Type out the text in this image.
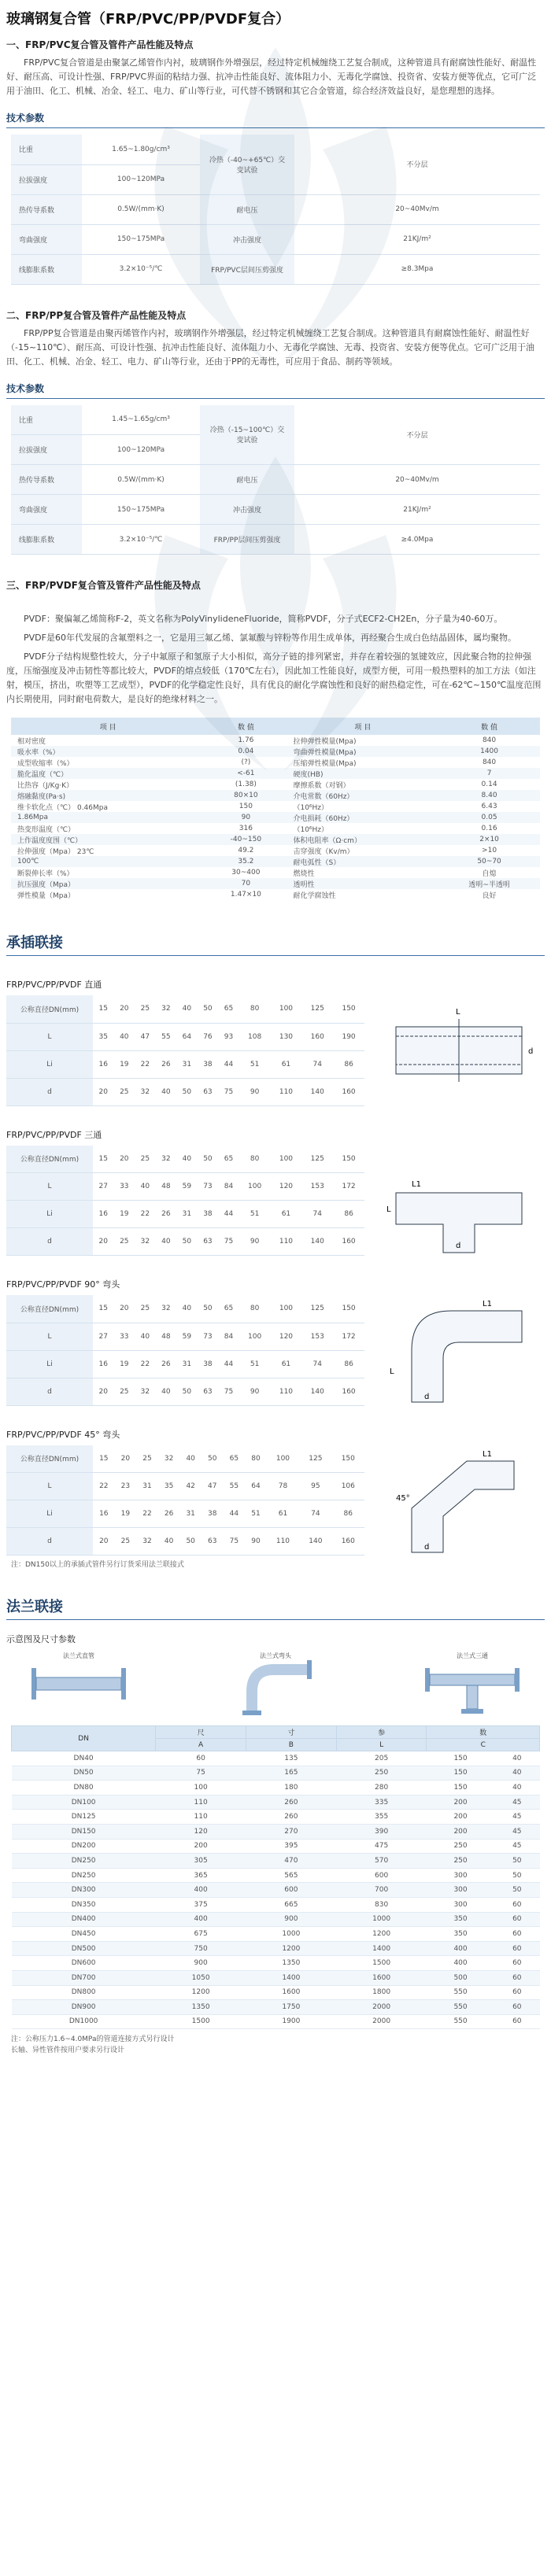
玻璃钢复合管（FRP/PVC/PP/PVDF复合）
一、FRP/PVC复合管及管件产品性能及特点
FRP/PVC复合管道是由聚氯乙烯管作内衬，玻璃钢作外增强层，经过特定机械缠绕工艺复合制成，这种管道具有耐腐蚀性能好、耐温性好、耐压高、可设计性强、FRP/PVC界面的粘结力强、抗冲击性能良好、流体阻力小、无毒化学腐蚀、投资省、安装方便等优点，它可广泛用于油田、化工、机械、冶金、轻工、电力、矿山等行业，可代替不锈钢和其它合金管道，综合经济效益良好，是您理想的选择。
技术参数
比重	1.65~1.80g/cm³	冷热（-40~+65℃）交变试验	不分层
拉拔强度	100~120MPa		
热传导系数	0.5W/(mm·K)	耐电压	20~40Mv/m
弯曲强度	150~175MPa	冲击强度	21KJ/m²
线膨胀系数	3.2×10⁻⁵/℃	FRP/PVC层间压剪强度	≥8.3Mpa
二、FRP/PP复合管及管件产品性能及特点
FRP/PP复合管道是由聚丙烯管作内衬，玻璃钢作外增强层，经过特定机械缠绕工艺复合制成。这种管道具有耐腐蚀性能好、耐温性好（-15~110℃）、耐压高、可设计性强、抗冲击性能良好、流体阻力小、无毒化学腐蚀、无毒、投资省、安装方便等优点。它可广泛用于油田、化工、机械、冶金、轻工、电力、矿山等行业，还由于PP的无毒性，可应用于食品、制药等领域。
技术参数
比重	1.45~1.65g/cm³	冷热（-15~100℃）交变试验	不分层
拉拔强度	100~120MPa		
热传导系数	0.5W/(mm·K)	耐电压	20~40Mv/m
弯曲强度	150~175MPa	冲击强度	21KJ/m²
线膨胀系数	3.2×10⁻⁵/℃	FRP/PP层间压剪强度	≥4.0Mpa
三、FRP/PVDF复合管及管件产品性能及特点
PVDF：聚偏氟乙烯简称F-2，英文名称为PolyVinylideneFluoride，简称PVDF，分子式ECF2-CH2En，分子量为40-60万。
PVDF是60年代发展的含氟塑料之一，它是用三氟乙烯、氯氟酸与锌粉等作用生成单体，再经聚合生成白色结晶固体，属均聚物。
PVDF分子结构规整性较大，分子中氟原子和氢原子大小相似，高分子链的排列紧密，并存在着较强的氢键效应，因此聚合物的拉伸强度，压缩强度及冲击韧性等都比较大，PVDF的熔点较低（170℃左右），因此加工性能良好，成型方便，可用一般热塑料的加工方法（如注射，模压，挤出，吹塑等工艺成型），PVDF的化学稳定性良好，具有优良的耐化学腐蚀性和良好的耐热稳定性，可在-62℃~150℃温度范围内长期使用，同时耐电荷数大，是良好的绝缘材料之一。
项 目	数 值	项 目	数 值
相对密度	1.76	拉伸弹性模量(Mpa)	840
吸水率（%）	0.04	弯曲弹性模量(Mpa)	1400
成型收缩率（%）	(?)	压缩弹性模量(Mpa)	840
脆化温度（℃）	<-61	硬度(HB)	7
比热容（J/Kg·K）	(1.38)	摩擦系数（对钢）	0.14
熔融黏度(Pa·s)	80×10	介电常数（60Hz）	8.40
维卡软化点（℃） 0.46Mpa	150	（10⁶Hz）	6.43
1.86Mpa	90	介电损耗（60Hz）	0.05
热变形温度（℃）	316	（10⁶Hz）	0.16
上作温度度围（℃）	-40~150	体积电阻率（Ω·cm）	2×10
拉伸强度（Mpa） 23℃	49.2	击穿强度（Kv/m）	>10
100℃	35.2	耐电弧性（S）	50~70
断裂伸长率（%）	30~400	燃烧性	自熄
抗压强度（Mpa）	70	透明性	透明~半透明
弹性模量（Mpa）	1.47×10	耐化学腐蚀性	良好
承插联接
FRP/PVC/PP/PVDF 直通
公称直径DN(mm)	15	20	25	32	40	50	65	80	100	125	150
L	35	40	47	55	64	76	93	108	130	160	190
Li	16	19	22	26	31	38	44	51	61	74	86
d	20	25	32	40	50	63	75	90	110	140	160
L
d
FRP/PVC/PP/PVDF 三通
公称直径DN(mm)	15	20	25	32	40	50	65	80	100	125	150
L	27	33	40	48	59	73	84	100	120	153	172
Li	16	19	22	26	31	38	44	51	61	74	86
d	20	25	32	40	50	63	75	90	110	140	160
L1
L
d
FRP/PVC/PP/PVDF 90° 弯头
公称直径DN(mm)	15	20	25	32	40	50	65	80	100	125	150
L	27	33	40	48	59	73	84	100	120	153	172
Li	16	19	22	26	31	38	44	51	61	74	86
d	20	25	32	40	50	63	75	90	110	140	160
L1
L
d
FRP/PVC/PP/PVDF 45° 弯头
公称直径DN(mm)	15	20	25	32	40	50	65	80	100	125	150
L	22	23	31	35	42	47	55	64	78	95	106
Li	16	19	22	26	31	38	44	51	61	74	86
d	20	25	32	40	50	63	75	90	110	140	160
45°
L1
d
注：DN150以上的承插式管件另行订货采用法兰联接式
法兰联接
示意图及尺寸参数
法兰式直管	法兰式弯头	法兰式三通
DN	尺	寸	参	数	
	A	B	L	C	
DN40	60	135	205	150	40
DN50	75	165	250	150	40
DN80	100	180	280	150	40
DN100	110	260	335	200	45
DN125	110	260	355	200	45
DN150	120	270	390	200	45
DN200	200	395	475	250	45
DN250	305	470	570	250	50
DN250	365	565	600	300	50
DN300	400	600	700	300	50
DN350	375	665	830	300	60
DN400	400	900	1000	350	60
DN450	675	1000	1200	350	60
DN500	750	1200	1400	400	60
DN600	900	1350	1500	400	60
DN700	1050	1400	1600	500	60
DN800	1200	1600	1800	550	60
DN900	1350	1750	2000	550	60
DN1000	1500	1900	2000	550	60
注：公称压力1.6~4.0MPa的管道连接方式另行设计
长轴、异性管件按用户要求另行设计
